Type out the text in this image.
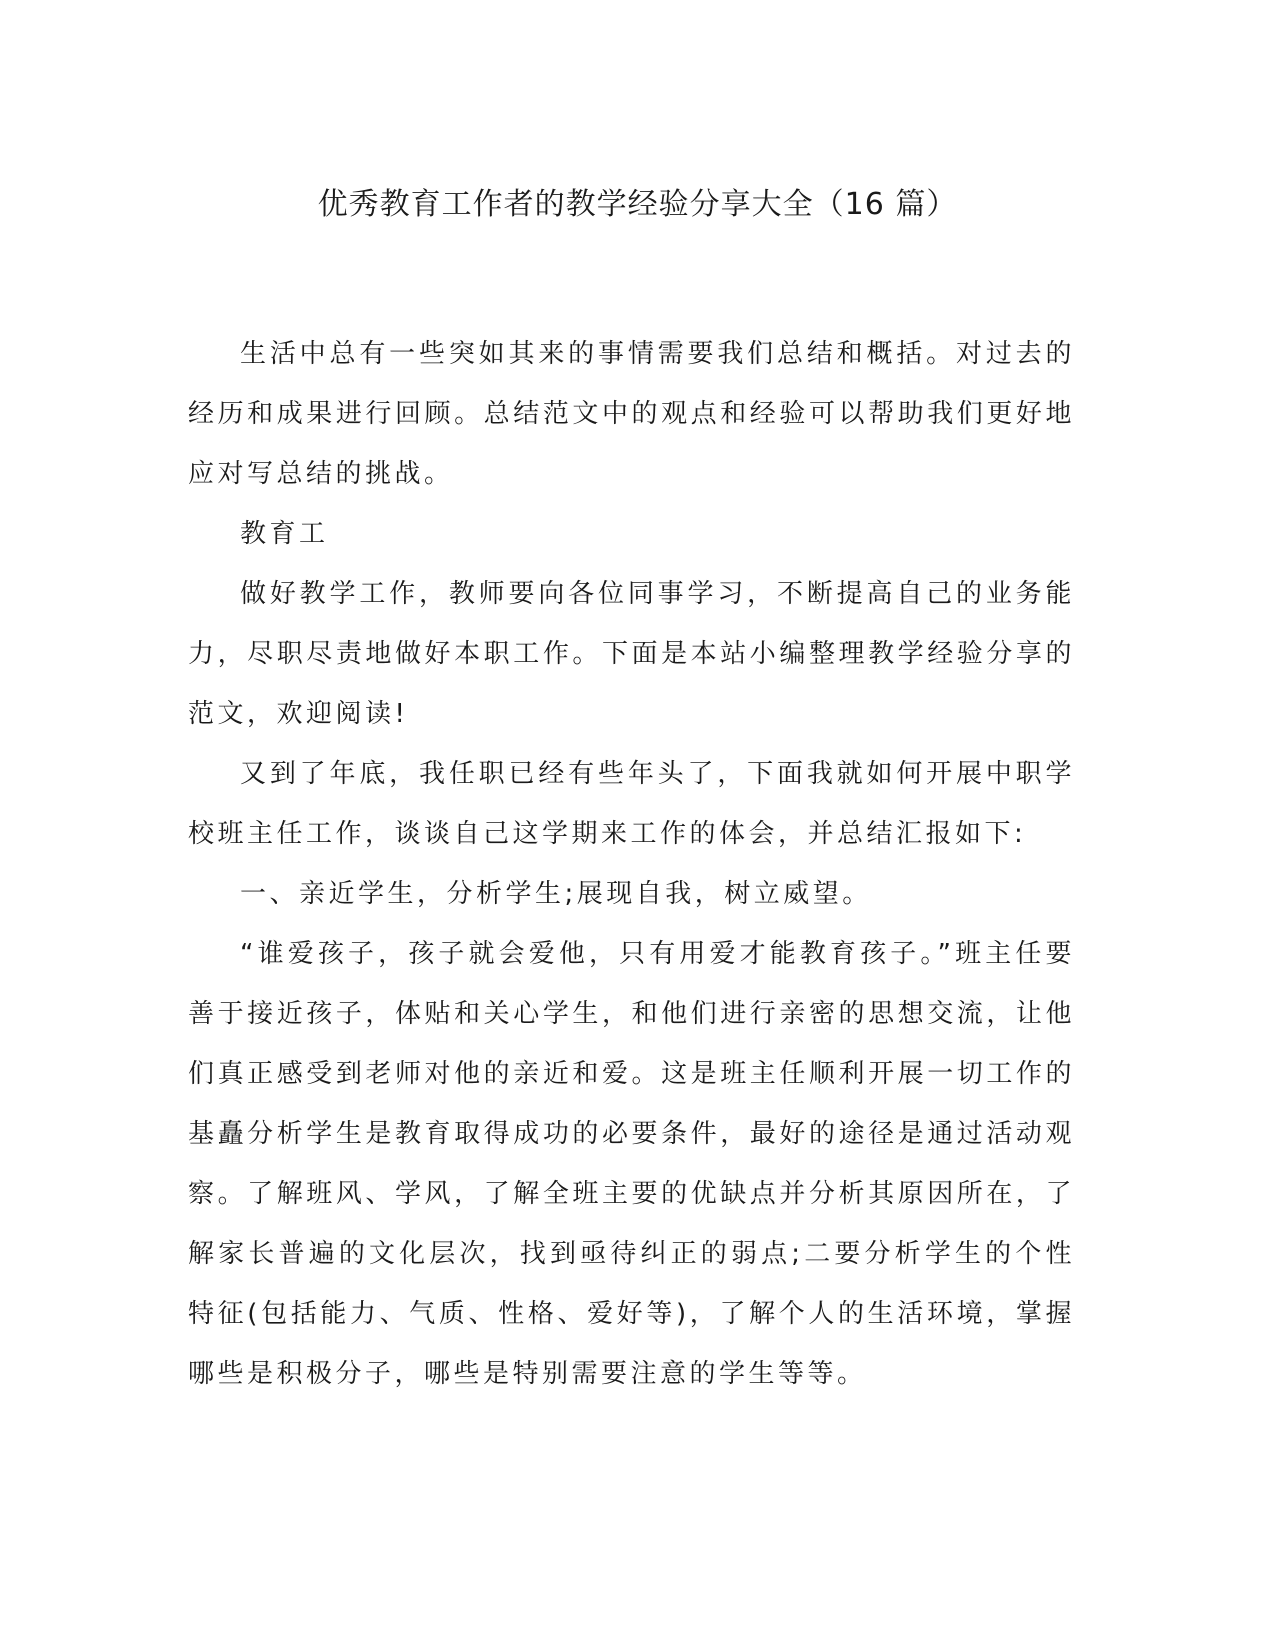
优秀教育工作者的教学经验分享大全（16 篇）

生活中总有一些突如其来的事情需要我们总结和概括。对过去的经历和成果进行回顾。总结范文中的观点和经验可以帮助我们更好地应对写总结的挑战。

教育工

做好教学工作，教师要向各位同事学习，不断提高自己的业务能力，尽职尽责地做好本职工作。下面是本站小编整理教学经验分享的范文，欢迎阅读!

又到了年底，我任职已经有些年头了，下面我就如何开展中职学校班主任工作，谈谈自己这学期来工作的体会，并总结汇报如下:

一、亲近学生，分析学生;展现自我，树立威望。

“谁爱孩子，孩子就会爱他，只有用爱才能教育孩子。”班主任要善于接近孩子，体贴和关心学生，和他们进行亲密的思想交流，让他们真正感受到老师对他的亲近和爱。这是班主任顺利开展一切工作的基矗分析学生是教育取得成功的必要条件，最好的途径是通过活动观察。了解班风、学风，了解全班主要的优缺点并分析其原因所在，了解家长普遍的文化层次，找到亟待纠正的弱点;二要分析学生的个性特征(包括能力、气质、性格、爱好等)，了解个人的生活环境，掌握哪些是积极分子，哪些是特别需要注意的学生等等。
